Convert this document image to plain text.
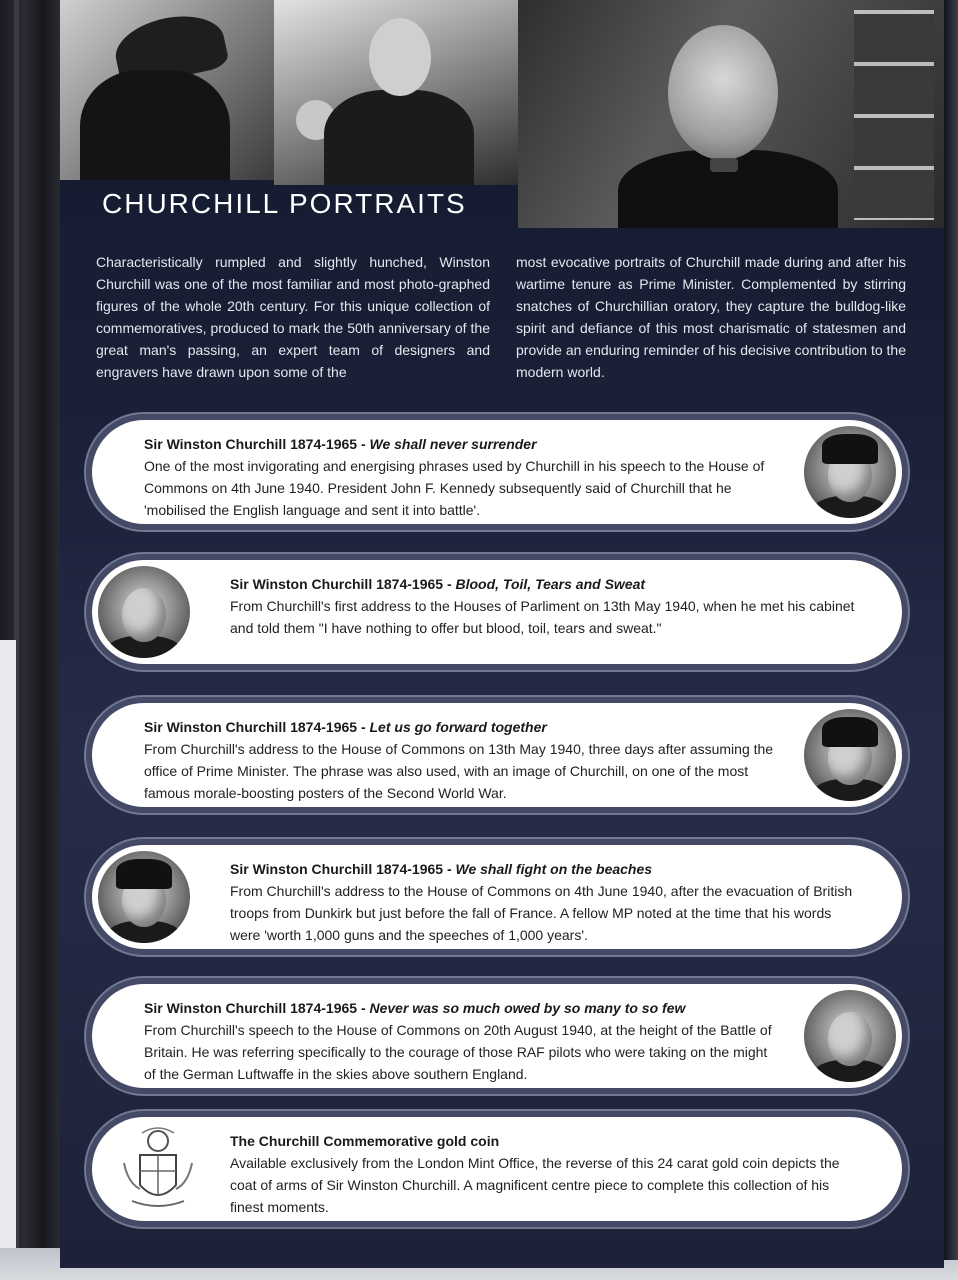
CHURCHILL PORTRAITS

Characteristically rumpled and slightly hunched, Winston Churchill was one of the most familiar and most photo-graphed figures of the whole 20th century. For this unique collection of commemoratives, produced to mark the 50th anniversary of the great man's passing, an expert team of designers and engravers have drawn upon some of the

most evocative portraits of Churchill made during and after his wartime tenure as Prime Minister. Complemented by stirring snatches of Churchillian oratory, they capture the bulldog-like spirit and defiance of this most charismatic of statesmen and provide an enduring reminder of his decisive contribution to the modern world.

Sir Winston Churchill 1874-1965 - We shall never surrender
One of the most invigorating and energising phrases used by Churchill in his speech to the House of Commons on 4th June 1940. President John F. Kennedy subsequently said of Churchill that he 'mobilised the English language and sent it into battle'.
Sir Winston Churchill 1874-1965 - Blood, Toil, Tears and Sweat
From Churchill's first address to the Houses of Parliment on 13th May 1940, when he met his cabinet and told them "I have nothing to offer but blood, toil, tears and sweat."
Sir Winston Churchill 1874-1965 - Let us go forward together
From Churchill's address to the House of Commons on 13th May 1940, three days after assuming the office of Prime Minister. The phrase was also used, with an image of Churchill, on one of the most famous morale-boosting posters of the Second World War.
Sir Winston Churchill 1874-1965 - We shall fight on the beaches
From Churchill's address to the House of Commons on 4th June 1940, after the evacuation of British troops from Dunkirk but just before the fall of France. A fellow MP noted at the time that his words were 'worth 1,000 guns and the speeches of 1,000 years'.
Sir Winston Churchill 1874-1965 - Never was so much owed by so many to so few
From Churchill's speech to the House of Commons on 20th August 1940, at the height of the Battle of Britain. He was referring specifically to the courage of those RAF pilots who were taking on the might of the German Luftwaffe in the skies above southern England.
The Churchill Commemorative gold coin
Available exclusively from the London Mint Office, the reverse of this 24 carat gold coin depicts the coat of arms of Sir Winston Churchill. A magnificent centre piece to complete this collection of his finest moments.
